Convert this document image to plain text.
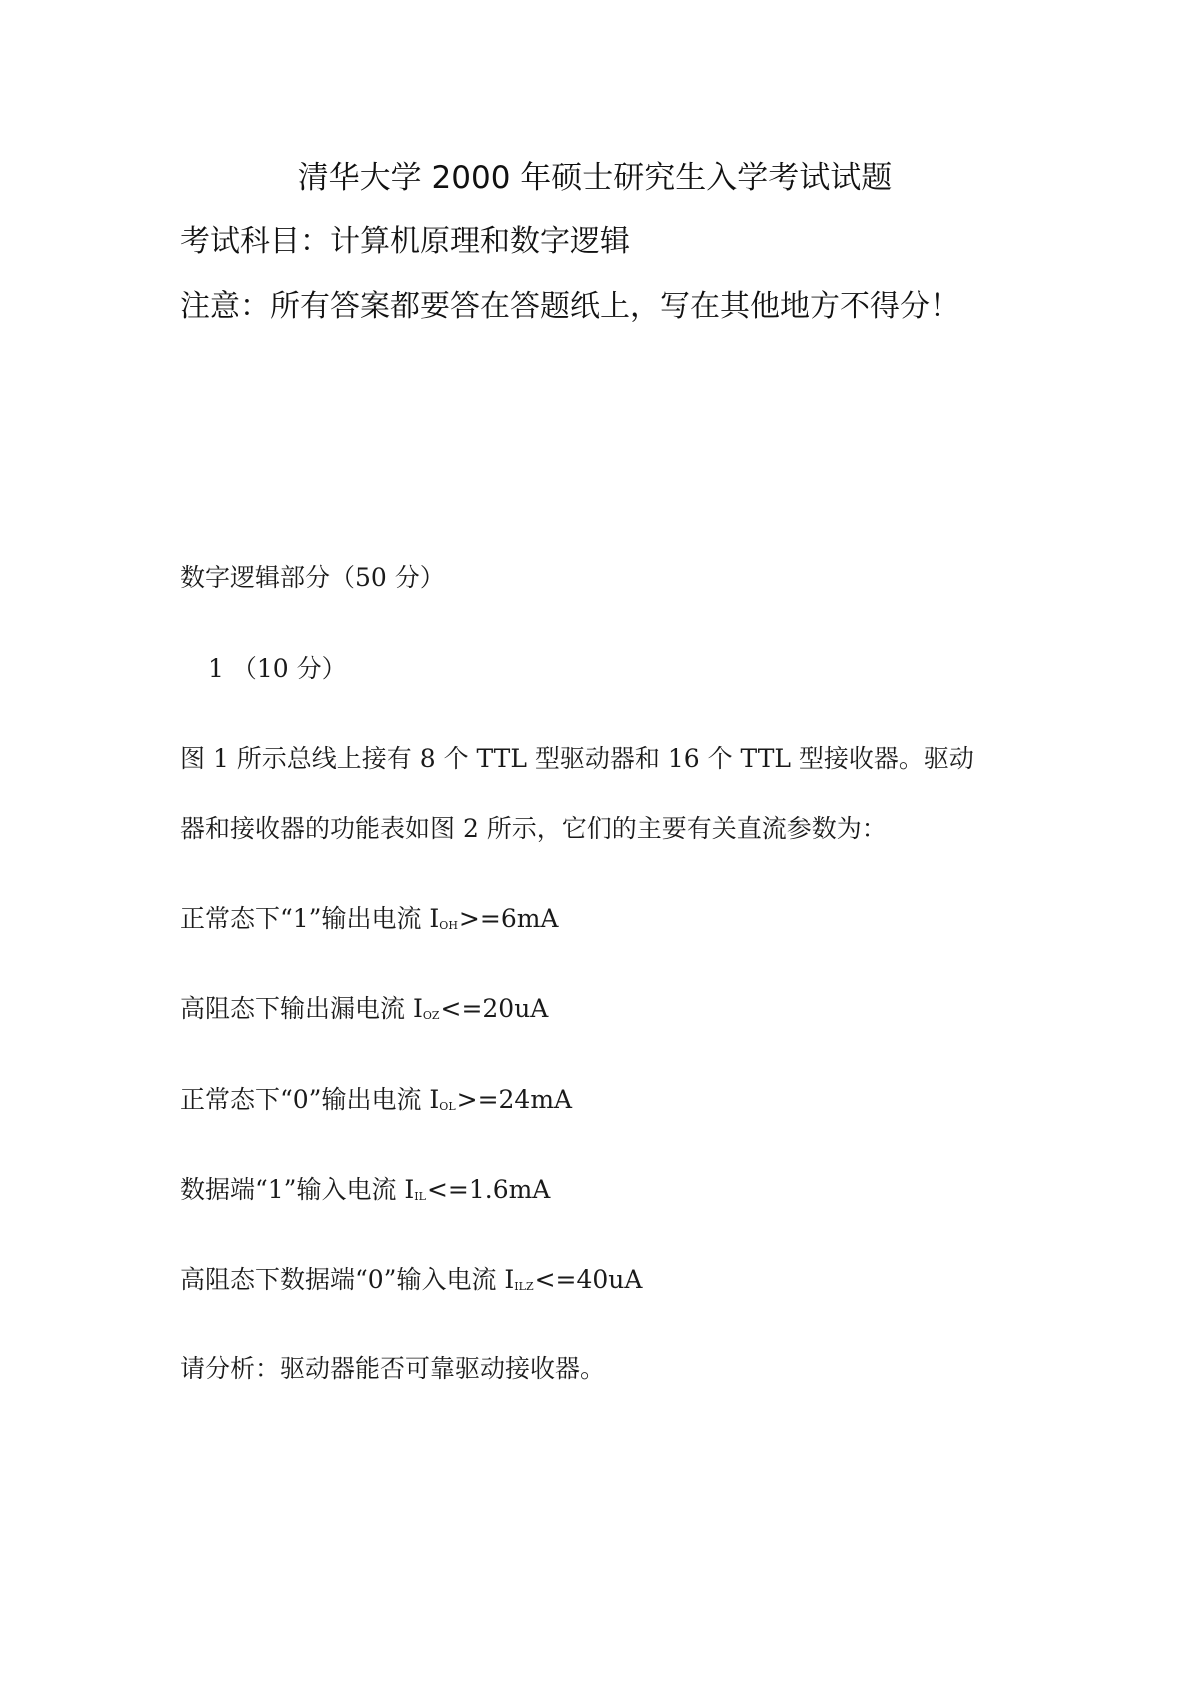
清华大学 2000 年硕士研究生入学考试试题
考试科目：计算机原理和数字逻辑
注意：所有答案都要答在答题纸上，写在其他地方不得分！
数字逻辑部分（50 分）
1 （10 分）
图 1 所示总线上接有 8 个 TTL 型驱动器和 16 个 TTL 型接收器。驱动
器和接收器的功能表如图 2 所示，它们的主要有关直流参数为：
正常态下“1”输出电流 $I_{OH}>=6mA$
高阻态下输出漏电流 $I_{OZ}<=20uA$
正常态下“0”输出电流 $I_{OL}>=24mA$
数据端“1”输入电流 $I_{IL}<=1.6mA$
高阻态下数据端“0”输入电流 $I_{ILZ}<=40uA$
请分析：驱动器能否可靠驱动接收器。
